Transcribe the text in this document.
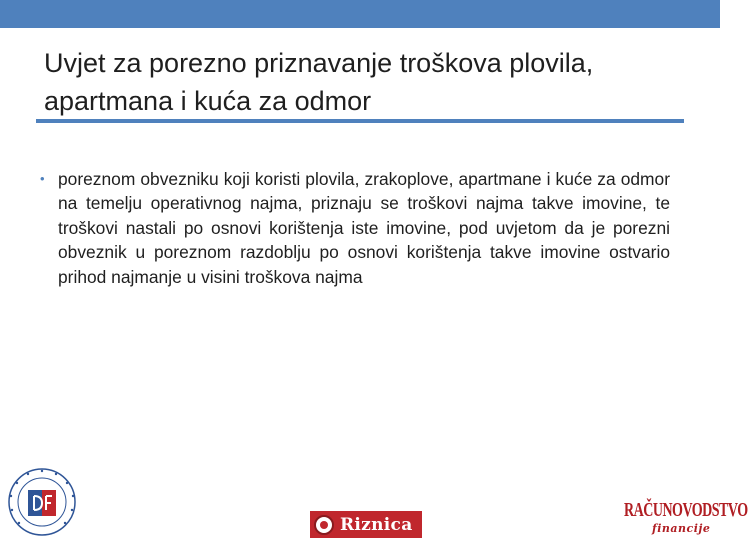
Uvjet za porezno priznavanje troškova plovila, apartmana i kuća za odmor
• poreznom obvezniku koji koristi plovila, zrakoplove, apartmane i kuće za odmor na temelju operativnog najma, priznaju se troškovi najma takve imovine, te troškovi nastali po osnovi korištenja iste imovine, pod uvjetom da je porezni obveznik u poreznom razdoblju po osnovi korištenja takve imovine ostvario prihod najmanje u visini troškova najma
Riznica
RAČUNOVODSTVO
financije
